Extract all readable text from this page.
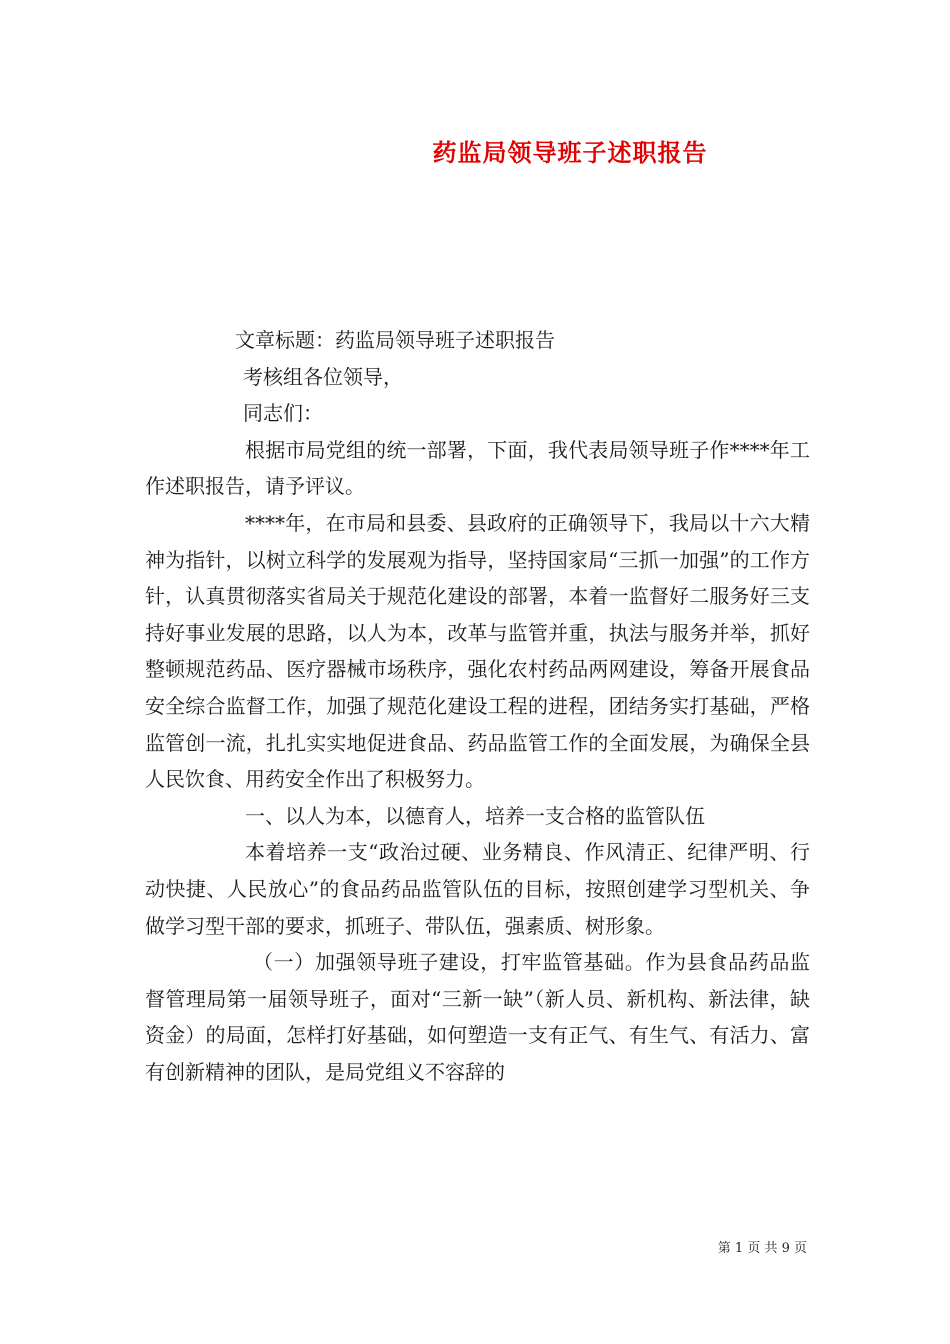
药监局领导班子述职报告

文章标题：药监局领导班子述职报告

考核组各位领导，

同志们：

根据市局党组的统一部署，下面，我代表局领导班子作****年工作述职报告，请予评议。

****年，在市局和县委、县政府的正确领导下，我局以十六大精神为指针，以树立科学的发展观为指导，坚持国家局“三抓一加强”的工作方针，认真贯彻落实省局关于规范化建设的部署，本着一监督好二服务好三支持好事业发展的思路，以人为本，改革与监管并重，执法与服务并举，抓好整顿规范药品、医疗器械市场秩序，强化农村药品两网建设，筹备开展食品安全综合监督工作，加强了规范化建设工程的进程，团结务实打基础，严格监管创一流，扎扎实实地促进食品、药品监管工作的全面发展，为确保全县人民饮食、用药安全作出了积极努力。

一、以人为本，以德育人，培养一支合格的监管队伍

本着培养一支“政治过硬、业务精良、作风清正、纪律严明、行动快捷、人民放心”的食品药品监管队伍的目标，按照创建学习型机关、争做学习型干部的要求，抓班子、带队伍，强素质、树形象。

（一）加强领导班子建设，打牢监管基础。作为县食品药品监督管理局第一届领导班子，面对“三新一缺”（新人员、新机构、新法律，缺资金）的局面，怎样打好基础，如何塑造一支有正气、有生气、有活力、富有创新精神的团队，是局党组义不容辞的

第 1 页 共 9 页
